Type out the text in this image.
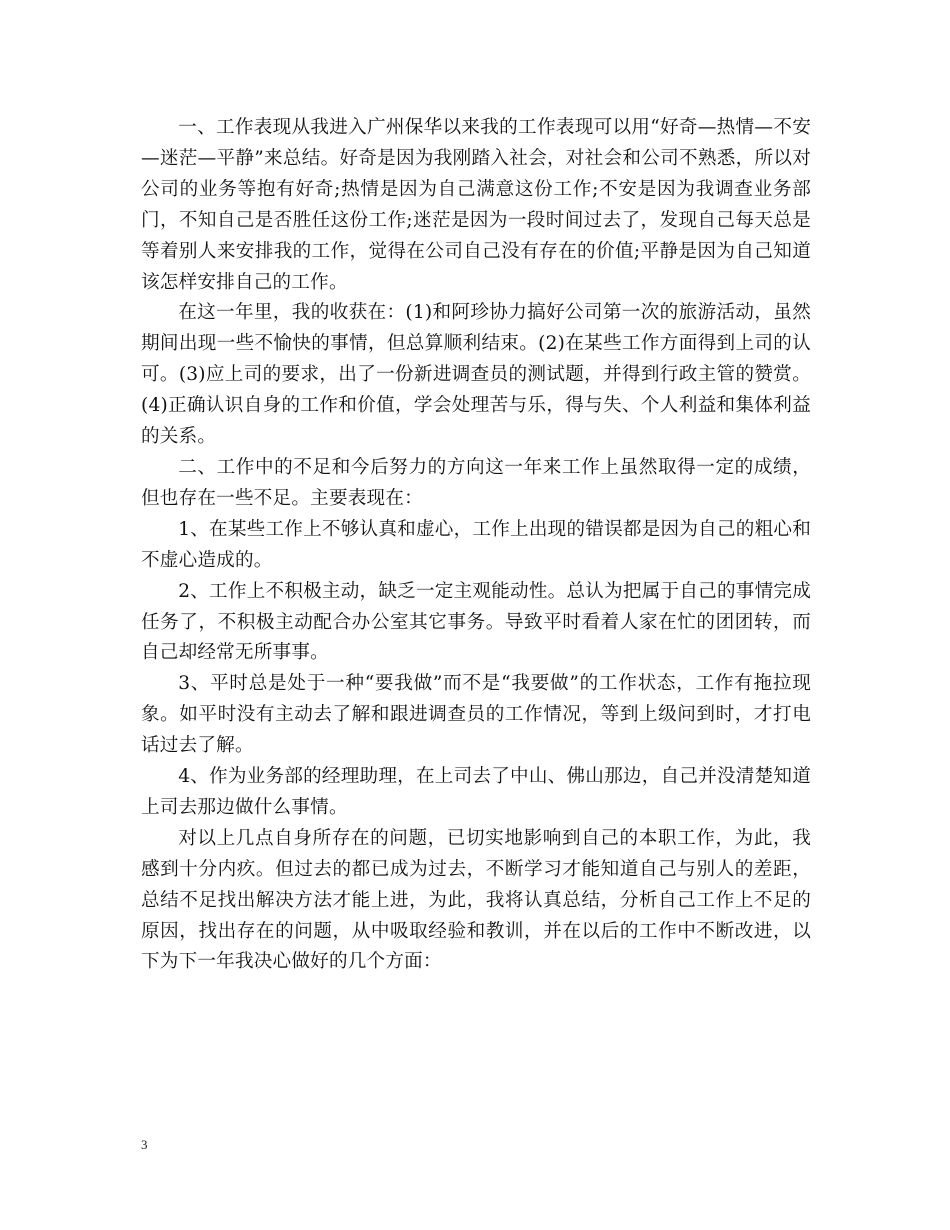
一、工作表现从我进入广州保华以来我的工作表现可以用“好奇—热情—不安—迷茫—平静”来总结。好奇是因为我刚踏入社会，对社会和公司不熟悉，所以对公司的业务等抱有好奇;热情是因为自己满意这份工作;不安是因为我调查业务部门，不知自己是否胜任这份工作;迷茫是因为一段时间过去了，发现自己每天总是等着别人来安排我的工作，觉得在公司自己没有存在的价值;平静是因为自己知道该怎样安排自己的工作。

在这一年里，我的收获在：(1)和阿珍协力搞好公司第一次的旅游活动，虽然期间出现一些不愉快的事情，但总算顺利结束。(2)在某些工作方面得到上司的认可。(3)应上司的要求，出了一份新进调查员的测试题，并得到行政主管的赞赏。(4)正确认识自身的工作和价值，学会处理苦与乐，得与失、个人利益和集体利益的关系。

二、工作中的不足和今后努力的方向这一年来工作上虽然取得一定的成绩，但也存在一些不足。主要表现在：

1、在某些工作上不够认真和虚心，工作上出现的错误都是因为自己的粗心和不虚心造成的。

2、工作上不积极主动，缺乏一定主观能动性。总认为把属于自己的事情完成任务了，不积极主动配合办公室其它事务。导致平时看着人家在忙的团团转，而自己却经常无所事事。

3、平时总是处于一种“要我做”而不是“我要做”的工作状态，工作有拖拉现象。如平时没有主动去了解和跟进调查员的工作情况，等到上级问到时，才打电话过去了解。

4、作为业务部的经理助理，在上司去了中山、佛山那边，自己并没清楚知道上司去那边做什么事情。

对以上几点自身所存在的问题，已切实地影响到自己的本职工作，为此，我感到十分内疚。但过去的都已成为过去，不断学习才能知道自己与别人的差距，总结不足找出解决方法才能上进，为此，我将认真总结，分析自己工作上不足的原因，找出存在的问题，从中吸取经验和教训，并在以后的工作中不断改进，以下为下一年我决心做好的几个方面：

3
